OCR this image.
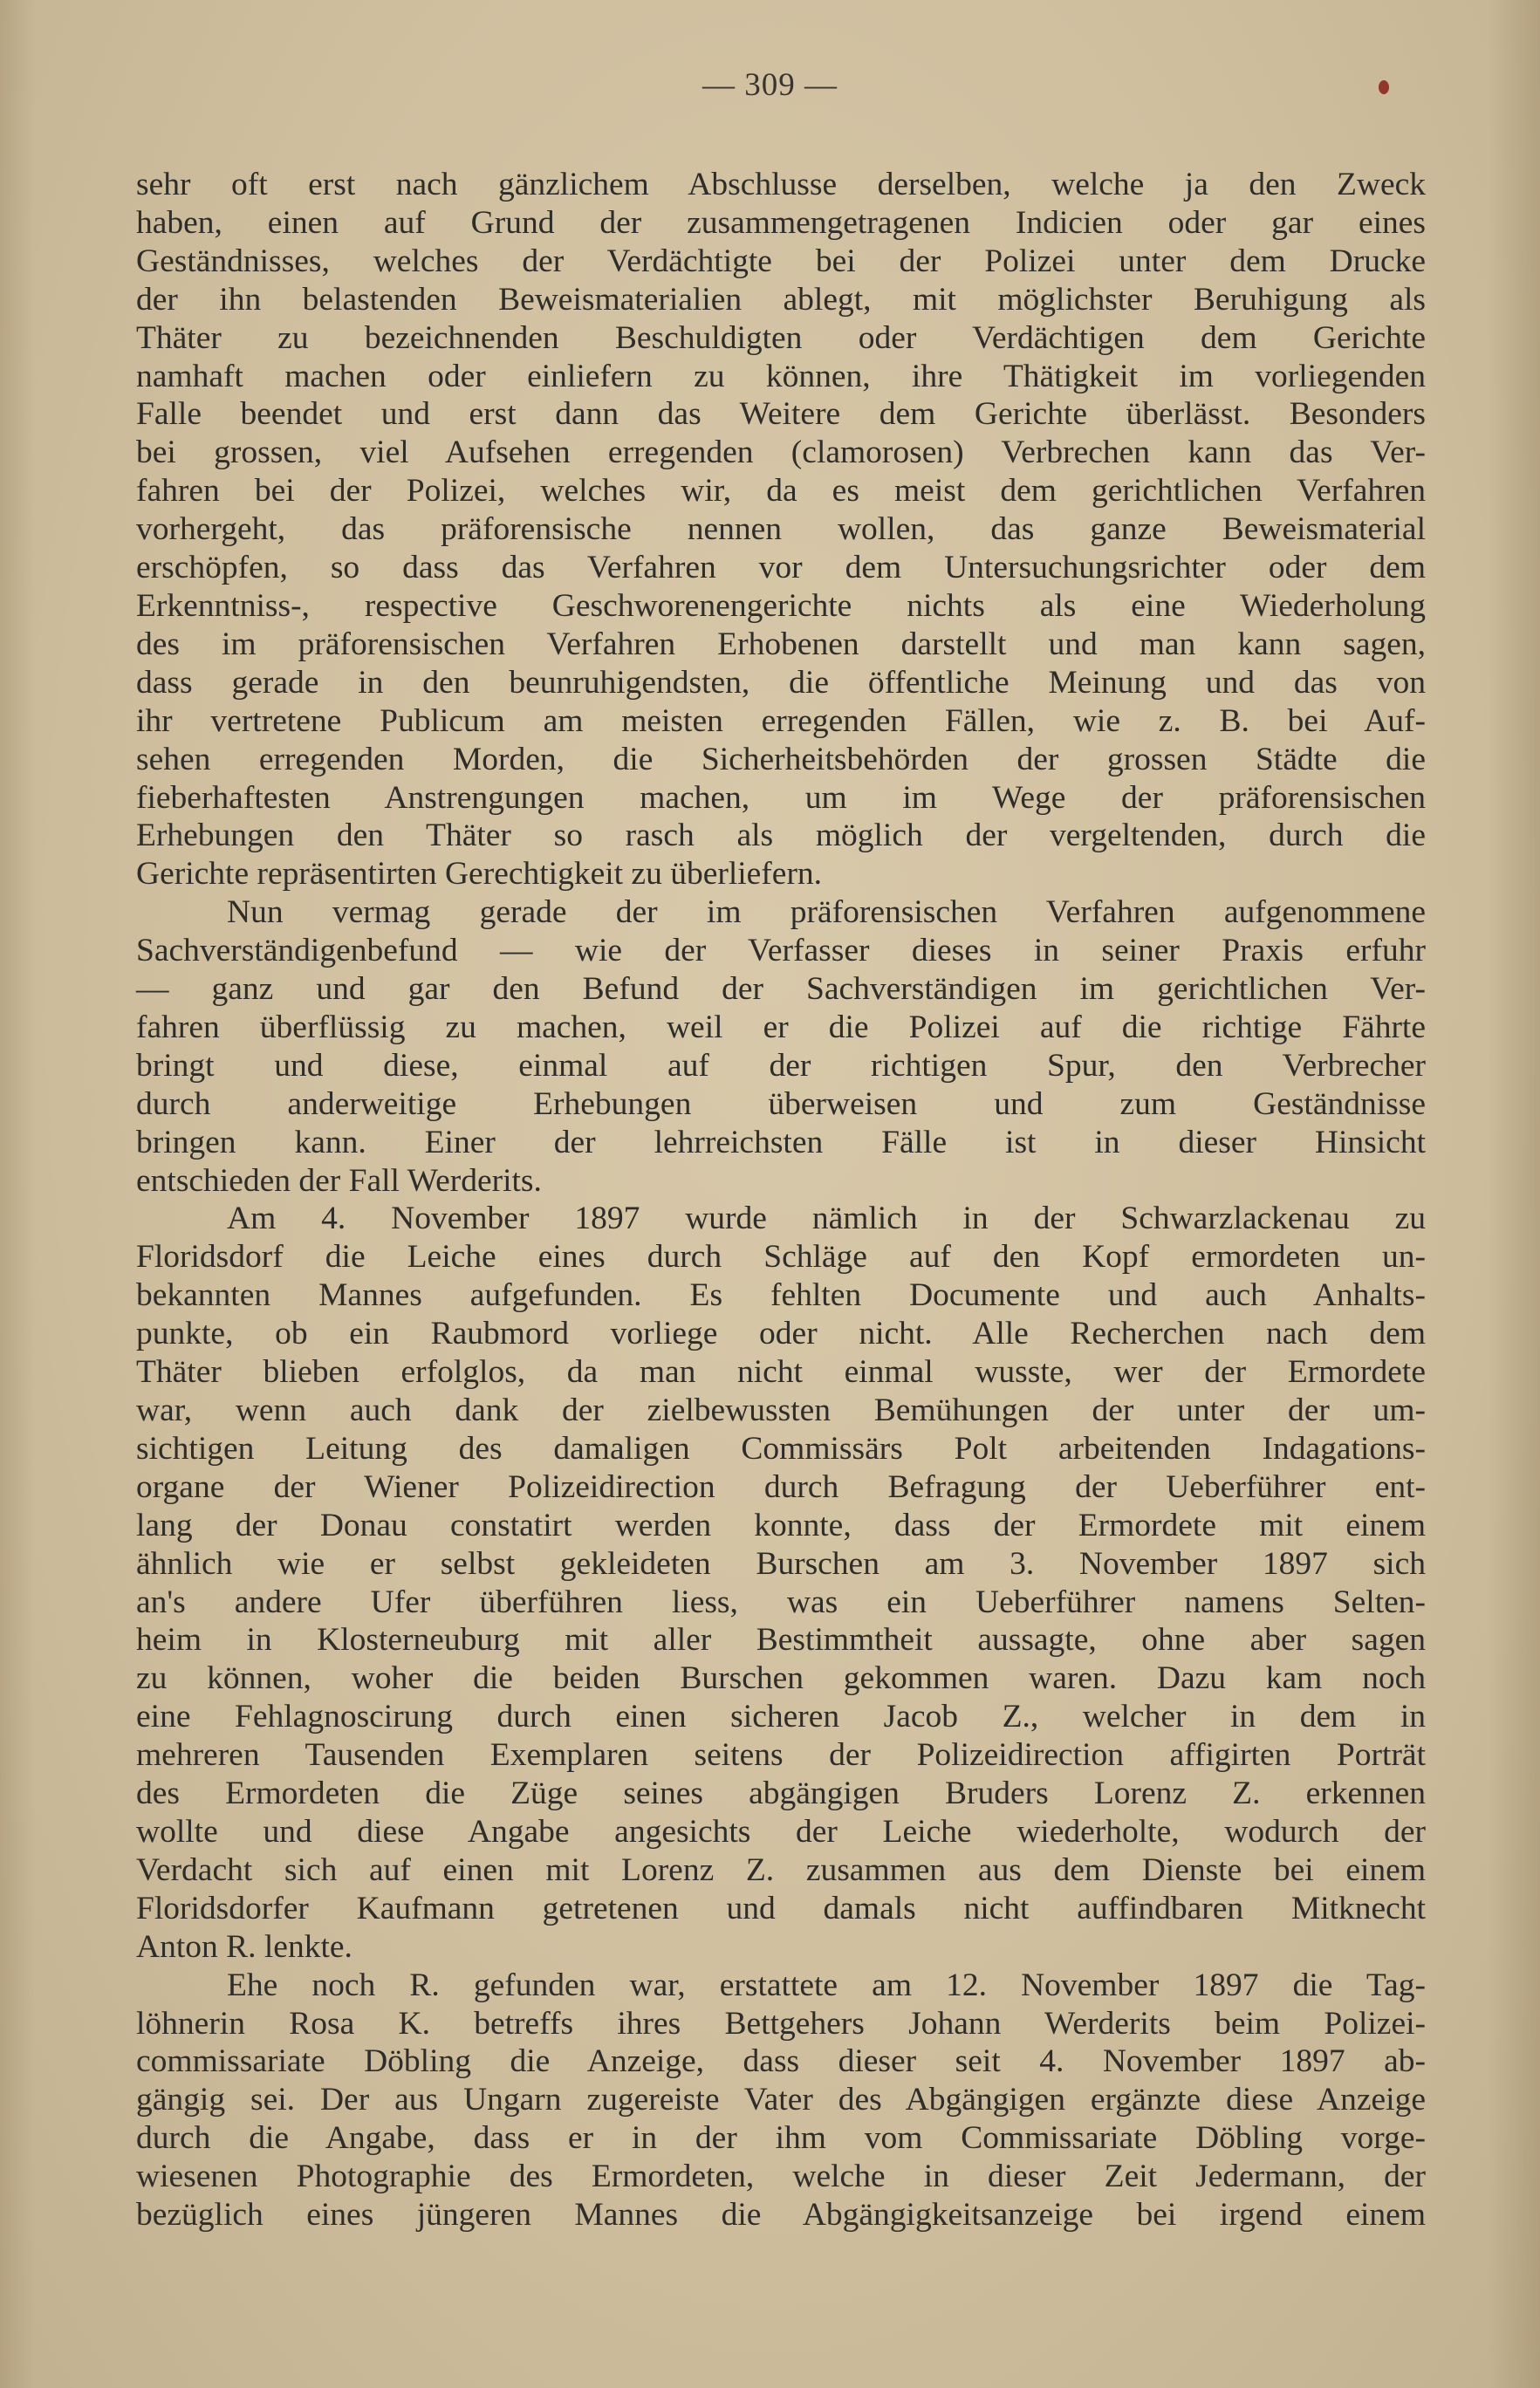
— 309 —
sehr oft erst nach gänzlichem Abschlusse derselben, welche ja den Zweck
haben, einen auf Grund der zusammengetragenen Indicien oder gar eines
Geständnisses, welches der Verdächtigte bei der Polizei unter dem Drucke
der ihn belastenden Beweismaterialien ablegt, mit möglichster Beruhigung als
Thäter zu bezeichnenden Beschuldigten oder Verdächtigen dem Gerichte
namhaft machen oder einliefern zu können, ihre Thätigkeit im vorliegenden
Falle beendet und erst dann das Weitere dem Gerichte überlässt. Besonders
bei grossen, viel Aufsehen erregenden (clamorosen) Verbrechen kann das Ver-
fahren bei der Polizei, welches wir, da es meist dem gerichtlichen Verfahren
vorhergeht, das präforensische nennen wollen, das ganze Beweismaterial
erschöpfen, so dass das Verfahren vor dem Untersuchungsrichter oder dem
Erkenntniss-, respective Geschworenengerichte nichts als eine Wiederholung
des im präforensischen Verfahren Erhobenen darstellt und man kann sagen,
dass gerade in den beunruhigendsten, die öffentliche Meinung und das von
ihr vertretene Publicum am meisten erregenden Fällen, wie z. B. bei Auf-
sehen erregenden Morden, die Sicherheitsbehörden der grossen Städte die
fieberhaftesten Anstrengungen machen, um im Wege der präforensischen
Erhebungen den Thäter so rasch als möglich der vergeltenden, durch die
Gerichte repräsentirten Gerechtigkeit zu überliefern.
Nun vermag gerade der im präforensischen Verfahren aufgenommene
Sachverständigenbefund — wie der Verfasser dieses in seiner Praxis erfuhr
— ganz und gar den Befund der Sachverständigen im gerichtlichen Ver-
fahren überflüssig zu machen, weil er die Polizei auf die richtige Fährte
bringt und diese, einmal auf der richtigen Spur, den Verbrecher
durch anderweitige Erhebungen überweisen und zum Geständnisse
bringen kann. Einer der lehrreichsten Fälle ist in dieser Hinsicht
entschieden der Fall Werderits.
Am 4. November 1897 wurde nämlich in der Schwarzlackenau zu
Floridsdorf die Leiche eines durch Schläge auf den Kopf ermordeten un-
bekannten Mannes aufgefunden. Es fehlten Documente und auch Anhalts-
punkte, ob ein Raubmord vorliege oder nicht. Alle Recherchen nach dem
Thäter blieben erfolglos, da man nicht einmal wusste, wer der Ermordete
war, wenn auch dank der zielbewussten Bemühungen der unter der um-
sichtigen Leitung des damaligen Commissärs Polt arbeitenden Indagations-
organe der Wiener Polizeidirection durch Befragung der Ueberführer ent-
lang der Donau constatirt werden konnte, dass der Ermordete mit einem
ähnlich wie er selbst gekleideten Burschen am 3. November 1897 sich
an's andere Ufer überführen liess, was ein Ueberführer namens Selten-
heim in Klosterneuburg mit aller Bestimmtheit aussagte, ohne aber sagen
zu können, woher die beiden Burschen gekommen waren. Dazu kam noch
eine Fehlagnoscirung durch einen sicheren Jacob Z., welcher in dem in
mehreren Tausenden Exemplaren seitens der Polizeidirection affigirten Porträt
des Ermordeten die Züge seines abgängigen Bruders Lorenz Z. erkennen
wollte und diese Angabe angesichts der Leiche wiederholte, wodurch der
Verdacht sich auf einen mit Lorenz Z. zusammen aus dem Dienste bei einem
Floridsdorfer Kaufmann getretenen und damals nicht auffindbaren Mitknecht
Anton R. lenkte.
Ehe noch R. gefunden war, erstattete am 12. November 1897 die Tag-
löhnerin Rosa K. betreffs ihres Bettgehers Johann Werderits beim Polizei-
commissariate Döbling die Anzeige, dass dieser seit 4. November 1897 ab-
gängig sei. Der aus Ungarn zugereiste Vater des Abgängigen ergänzte diese Anzeige
durch die Angabe, dass er in der ihm vom Commissariate Döbling vorge-
wiesenen Photographie des Ermordeten, welche in dieser Zeit Jedermann, der
bezüglich eines jüngeren Mannes die Abgängigkeitsanzeige bei irgend einem
